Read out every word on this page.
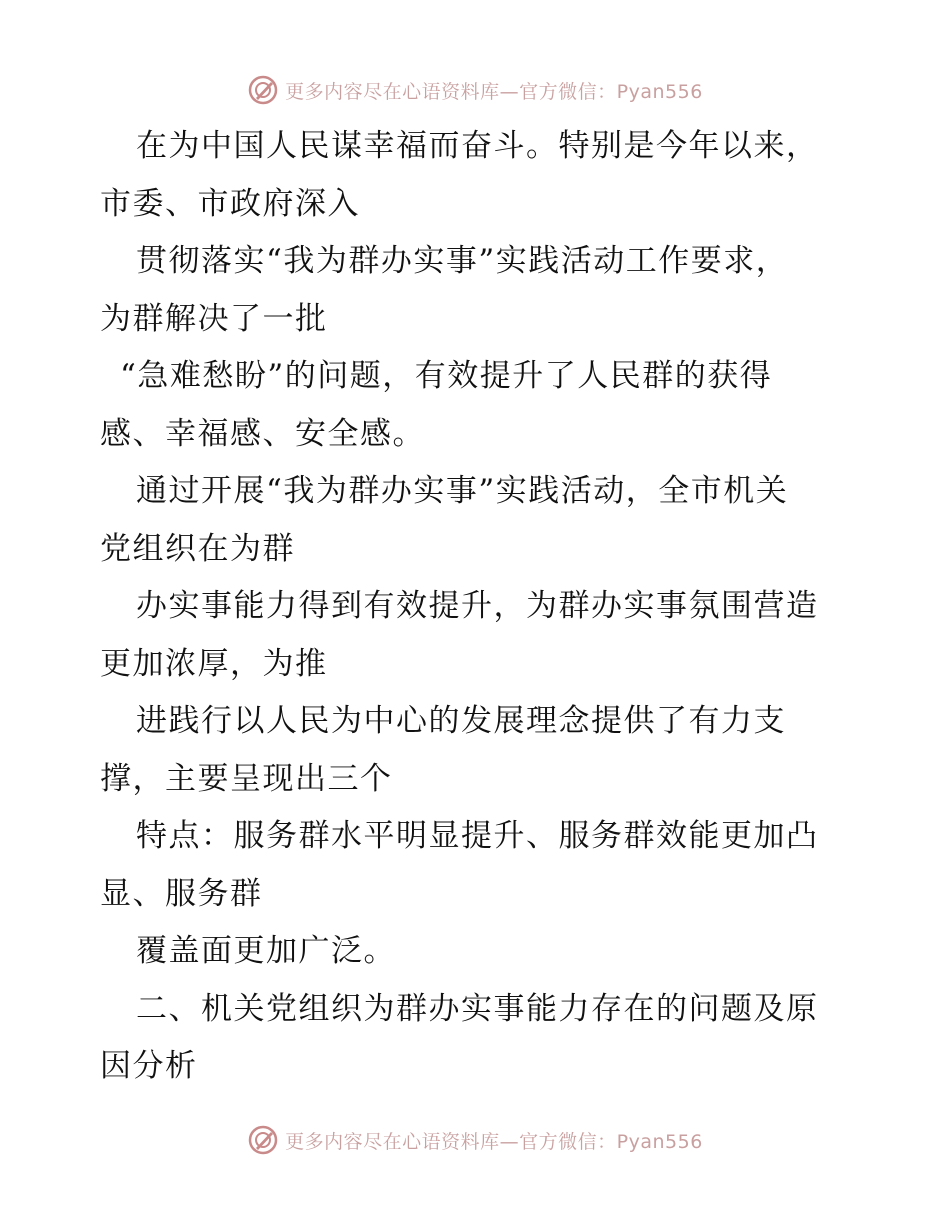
更多内容尽在心语资料库—官方微信：Pyan556

在为中国人民谋幸福而奋斗。特别是今年以来，

市委、市政府深入

贯彻落实“我为群办实事”实践活动工作要求，

为群解决了一批

“急难愁盼”的问题，有效提升了人民群的获得

感、幸福感、安全感。

通过开展“我为群办实事”实践活动，全市机关

党组织在为群

办实事能力得到有效提升，为群办实事氛围营造

更加浓厚，为推

进践行以人民为中心的发展理念提供了有力支

撑，主要呈现出三个

特点：服务群水平明显提升、服务群效能更加凸

显、服务群

覆盖面更加广泛。

二、机关党组织为群办实事能力存在的问题及原

因分析

更多内容尽在心语资料库—官方微信：Pyan556
